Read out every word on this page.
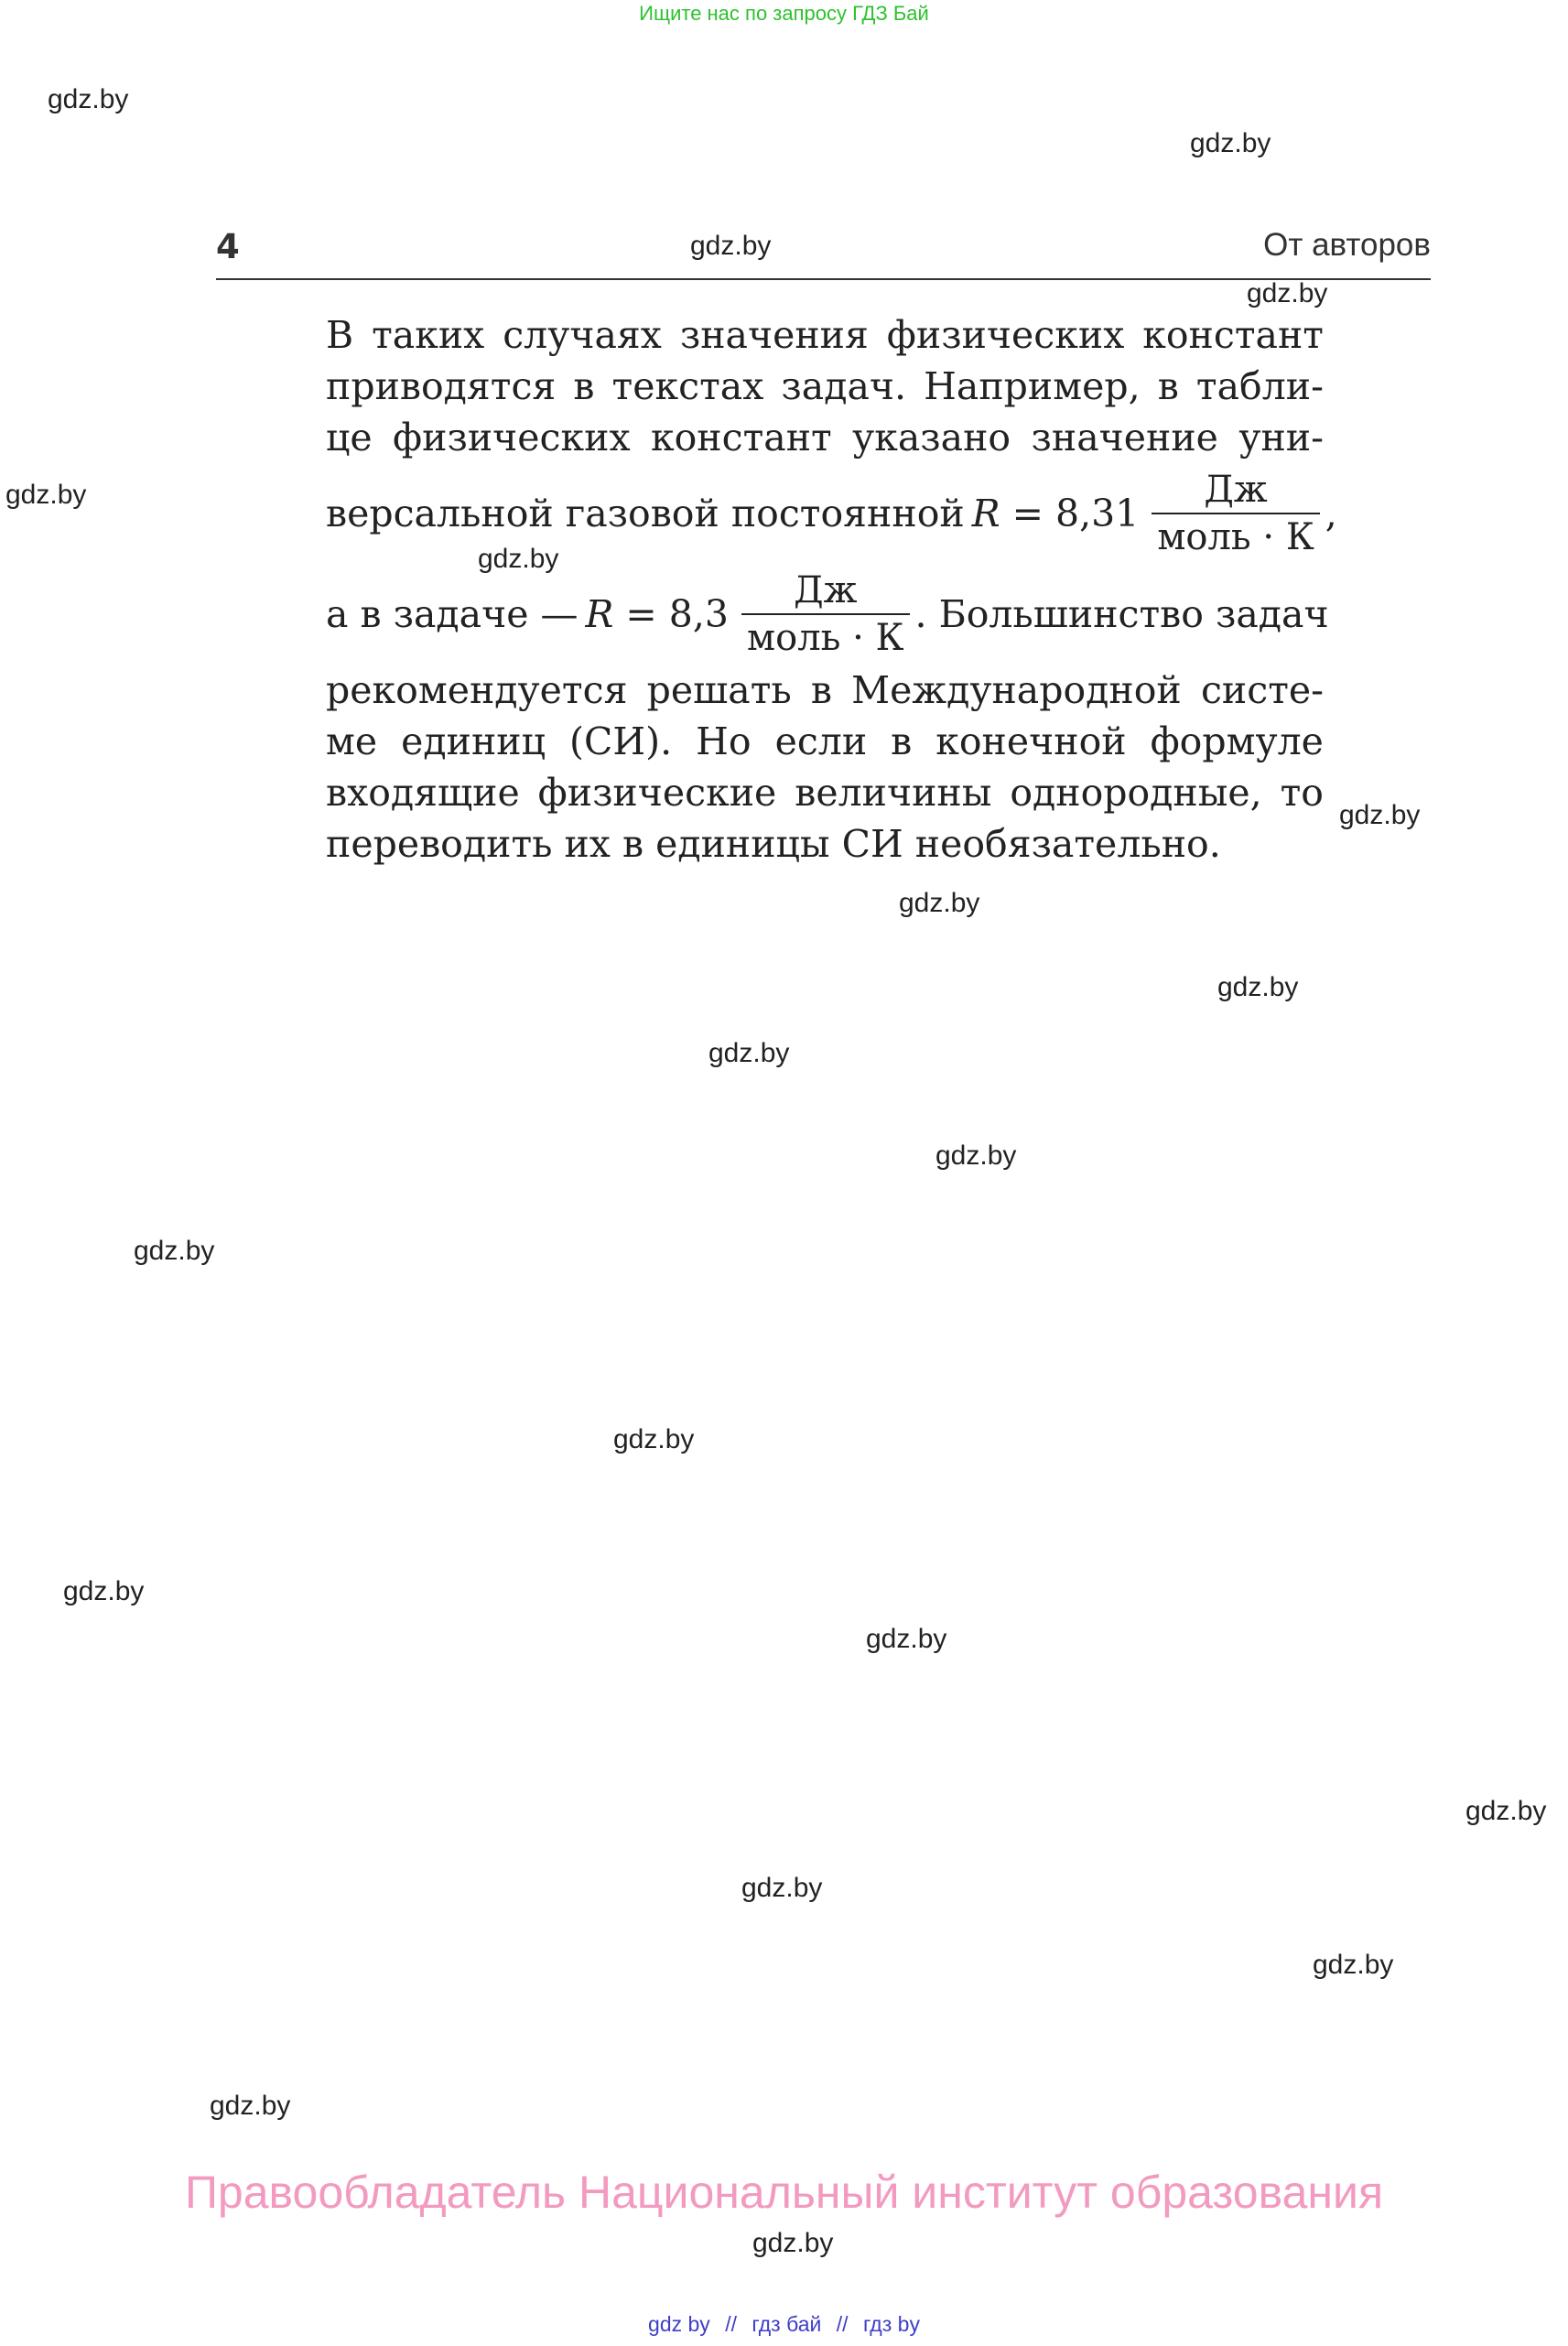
Ищите нас по запросу ГДЗ Бай
4	От авторов
В таких случаях значения физических констант
приводятся в текстах задач. Например, в табли-
це физических констант указано значение уни-
версальной газовой постоянной $R = 8,31 \frac{Дж}{\text{моль · К}}$ ,
а в задаче — $R = 8,3 \frac{Дж}{\text{моль · К}}$ . Большинство задач
рекомендуется решать в Международной систе-
ме единиц (СИ). Но если в конечной формуле
входящие физические величины однородные, то
переводить их в единицы СИ необязательно.
gdz.by
gdz.by
gdz.by
gdz.by
gdz.by
gdz.by
gdz.by
gdz.by
gdz.by
gdz.by
gdz.by
gdz.by
gdz.by
gdz.by
gdz.by
gdz.by
gdz.by
gdz.by
gdz.by
gdz.by
Правообладатель Национальный институт образования
gdz by // гдз бай // гдз by
